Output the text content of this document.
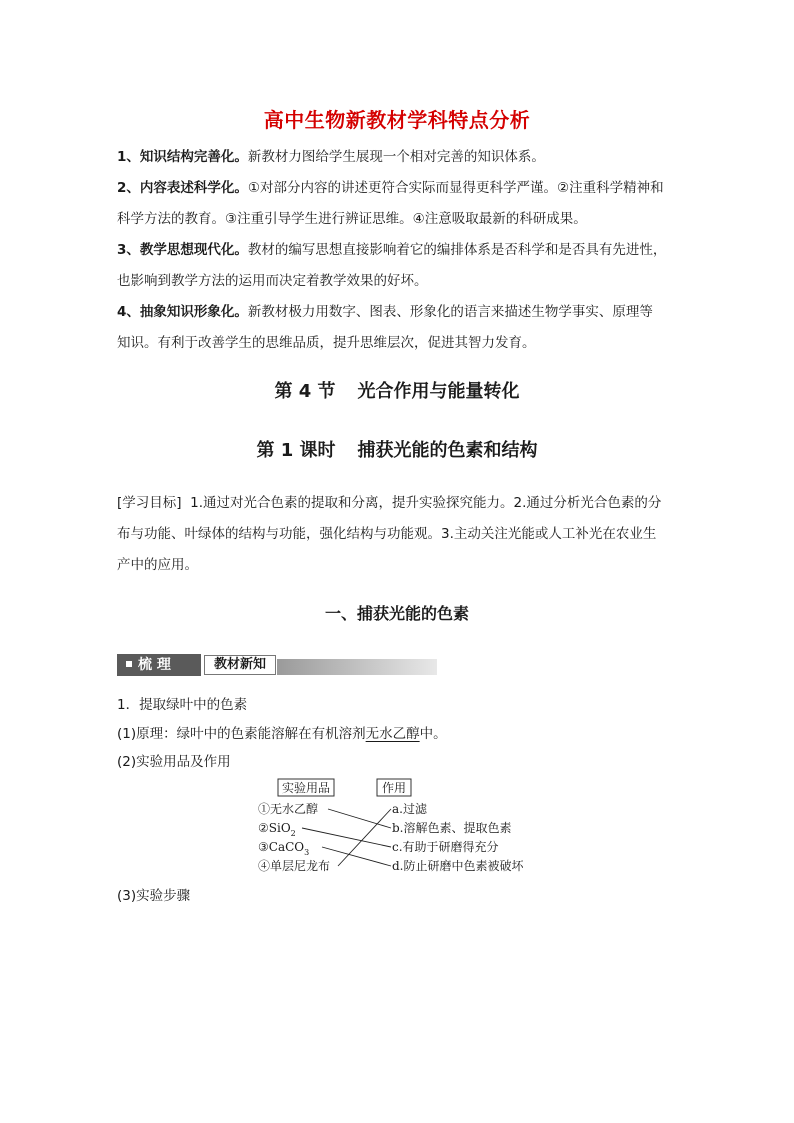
高中生物新教材学科特点分析
1、知识结构完善化。新教材力图给学生展现一个相对完善的知识体系。
2、内容表述科学化。①对部分内容的讲述更符合实际而显得更科学严谨。②注重科学精神和
科学方法的教育。③注重引导学生进行辨证思维。④注意吸取最新的科研成果。
3、教学思想现代化。教材的编写思想直接影响着它的编排体系是否科学和是否具有先进性，
也影响到教学方法的运用而决定着教学效果的好坏。
4、抽象知识形象化。新教材极力用数字、图表、形象化的语言来描述生物学事实、原理等
知识。有利于改善学生的思维品质，提升思维层次，促进其智力发育。
第 4 节 光合作用与能量转化
第 1 课时 捕获光能的色素和结构
[学习目标] 1.通过对光合色素的提取和分离，提升实验探究能力。2.通过分析光合色素的分
布与功能、叶绿体的结构与功能，强化结构与功能观。3.主动关注光能或人工补光在农业生
产中的应用。
一、捕获光能的色素
梳 理	教材新知
1．提取绿叶中的色素
(1)原理：绿叶中的色素能溶解在有机溶剂无水乙醇中。
(2)实验用品及作用
实验用品	作用
①无水乙醇
②SiO$_2$
③CaCO$_3$
④单层尼龙布
a.过滤
b.溶解色素、提取色素
c.有助于研磨得充分
d.防止研磨中色素被破坏
(3)实验步骤
